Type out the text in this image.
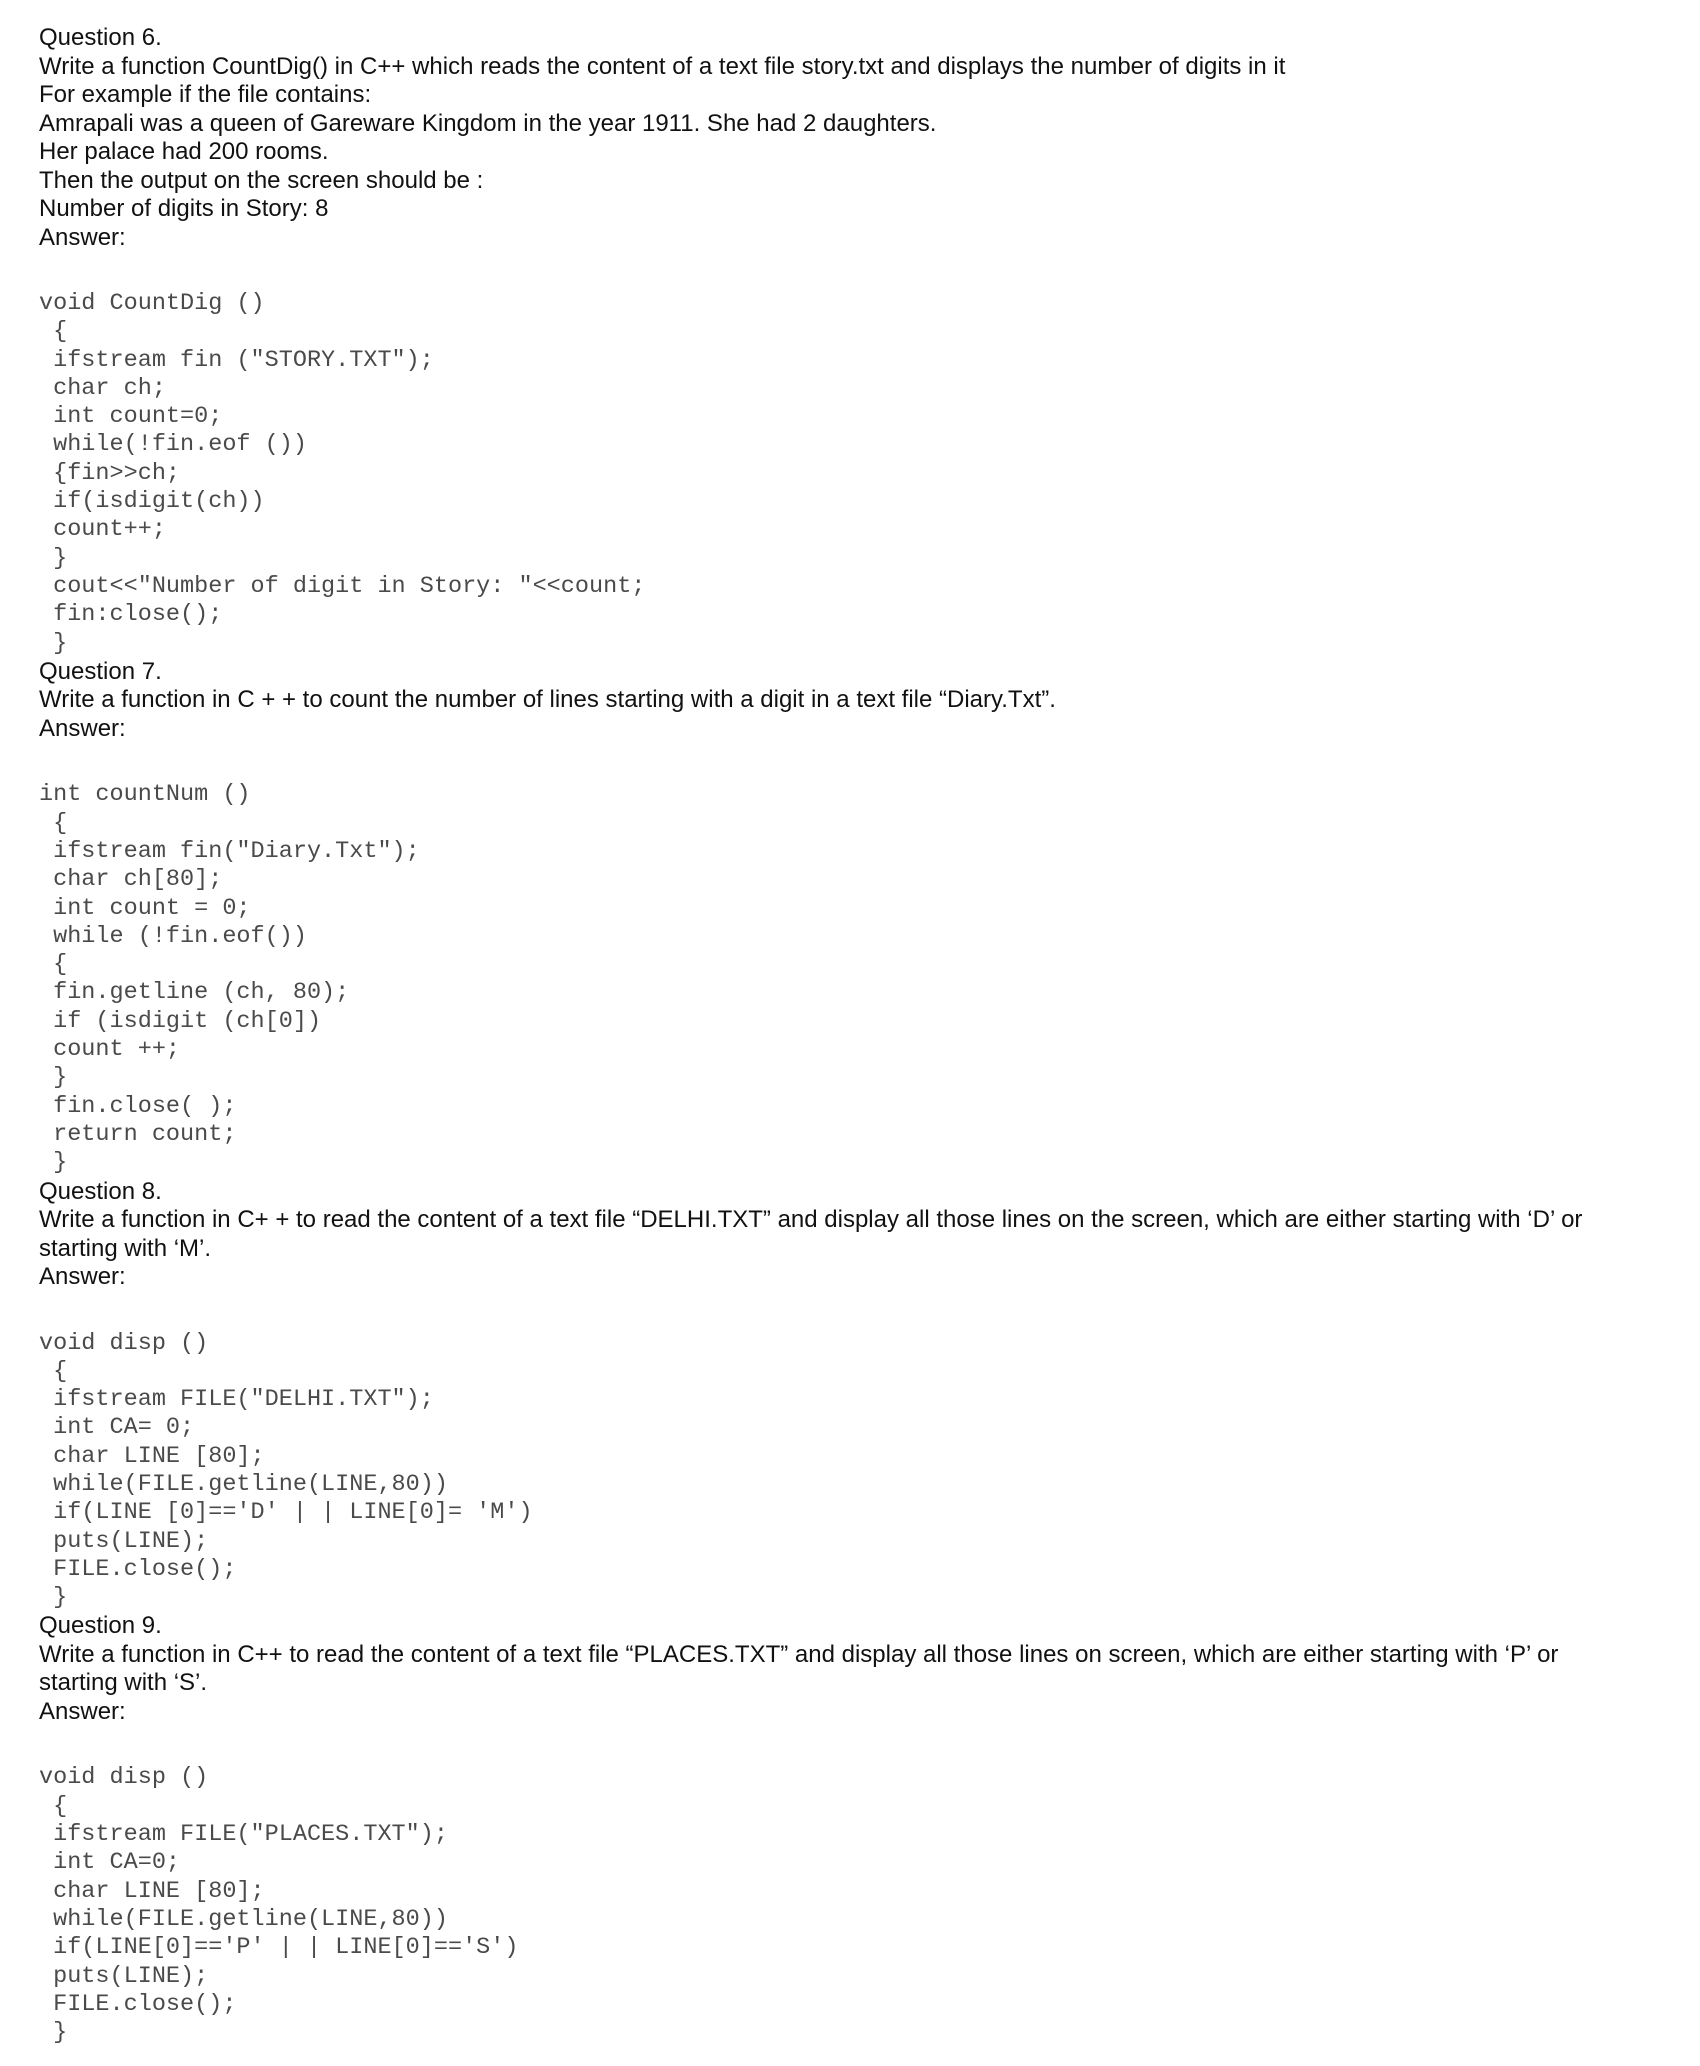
Question 6.

Write a function CountDig() in C++ which reads the content of a text file story.txt and displays the number of digits in it

For example if the file contains:

Amrapali was a queen of Gareware Kingdom in the year 1911. She had 2 daughters.

Her palace had 200 rooms.

Then the output on the screen should be :

Number of digits in Story: 8

Answer:

void CountDig ()
{
ifstream fin ("STORY.TXT");
char ch;
int count=0;
while(!fin.eof ())
{fin>>ch;
if(isdigit(ch))
count++;
}
cout<<"Number of digit in Story: "<<count;
fin:close();
}

Question 7.

Write a function in C + + to count the number of lines starting with a digit in a text file “Diary.Txt”.

Answer:

int countNum ()
{
ifstream fin("Diary.Txt");
char ch[80];
int count = 0;
while (!fin.eof())
{
fin.getline (ch, 80);
if (isdigit (ch[0])
count ++;
}
fin.close( );
return count;
}

Question 8.

Write a function in C+ + to read the content of a text file “DELHI.TXT” and display all those lines on the screen, which are either starting with ‘D’ or

starting with ‘M’.

Answer:

void disp ()
{
ifstream FILE("DELHI.TXT");
int CA= 0;
char LINE [80];
while(FILE.getline(LINE,80))
if(LINE [0]=='D' | | LINE[0]= 'M')
puts(LINE);
FILE.close();
}

Question 9.

Write a function in C++ to read the content of a text file “PLACES.TXT” and display all those lines on screen, which are either starting with ‘P’ or

starting with ‘S’.

Answer:

void disp ()
{
ifstream FILE("PLACES.TXT");
int CA=0;
char LINE [80];
while(FILE.getline(LINE,80))
if(LINE[0]=='P' | | LINE[0]=='S')
puts(LINE);
FILE.close();
}
